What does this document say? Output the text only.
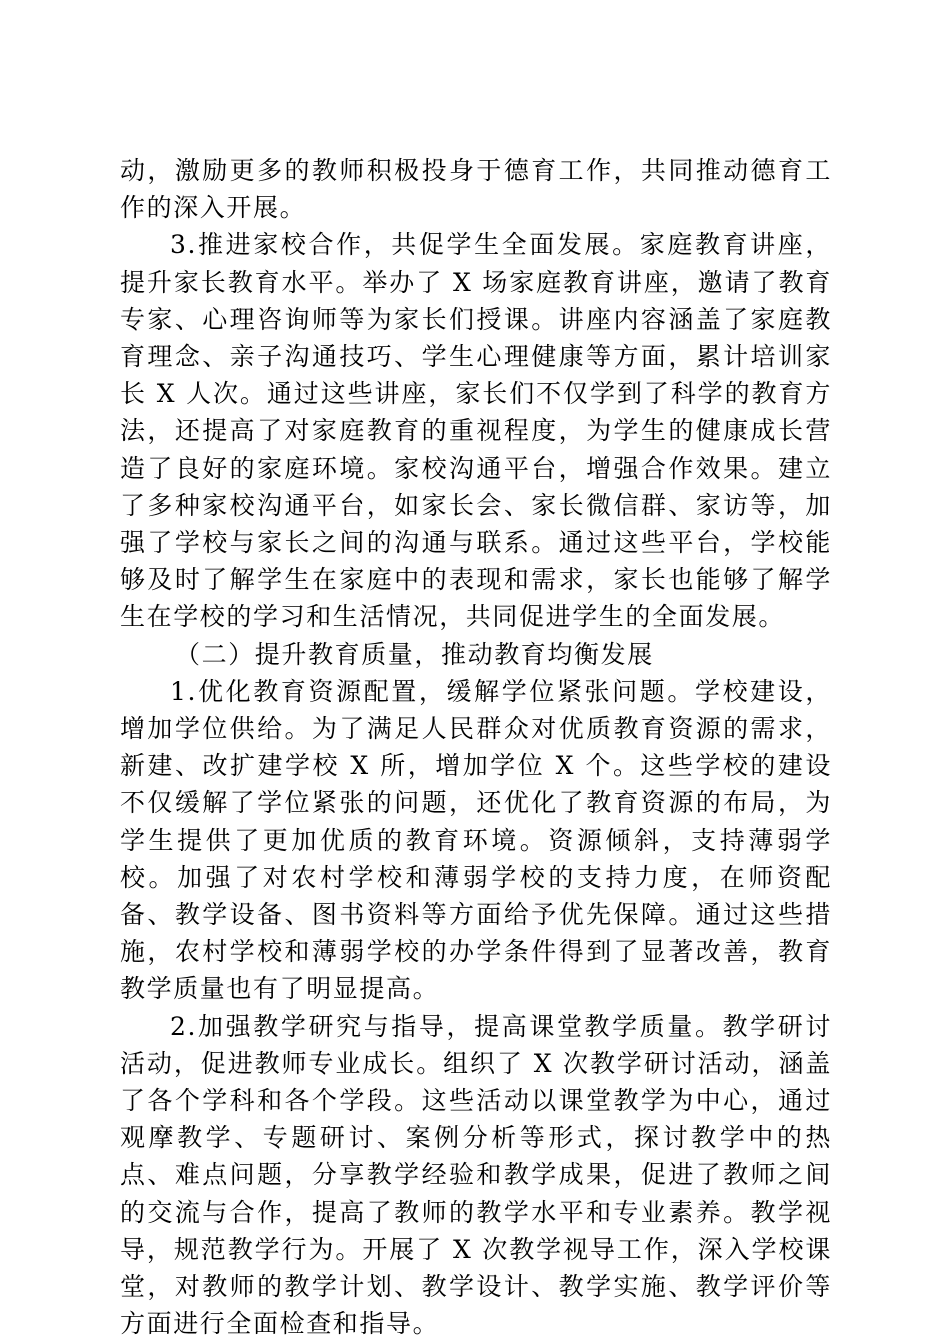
动，激励更多的教师积极投身于德育工作，共同推动德育工作的深入开展。

3.推进家校合作，共促学生全面发展。家庭教育讲座，提升家长教育水平。举办了 X 场家庭教育讲座，邀请了教育专家、心理咨询师等为家长们授课。讲座内容涵盖了家庭教育理念、亲子沟通技巧、学生心理健康等方面，累计培训家长 X 人次。通过这些讲座，家长们不仅学到了科学的教育方法，还提高了对家庭教育的重视程度，为学生的健康成长营造了良好的家庭环境。家校沟通平台，增强合作效果。建立了多种家校沟通平台，如家长会、家长微信群、家访等，加强了学校与家长之间的沟通与联系。通过这些平台，学校能够及时了解学生在家庭中的表现和需求，家长也能够了解学生在学校的学习和生活情况，共同促进学生的全面发展。

（二）提升教育质量，推动教育均衡发展

1.优化教育资源配置，缓解学位紧张问题。学校建设，增加学位供给。为了满足人民群众对优质教育资源的需求，新建、改扩建学校 X 所，增加学位 X 个。这些学校的建设不仅缓解了学位紧张的问题，还优化了教育资源的布局，为学生提供了更加优质的教育环境。资源倾斜，支持薄弱学校。加强了对农村学校和薄弱学校的支持力度，在师资配备、教学设备、图书资料等方面给予优先保障。通过这些措施，农村学校和薄弱学校的办学条件得到了显著改善，教育教学质量也有了明显提高。

2.加强教学研究与指导，提高课堂教学质量。教学研讨活动，促进教师专业成长。组织了 X 次教学研讨活动，涵盖了各个学科和各个学段。这些活动以课堂教学为中心，通过观摩教学、专题研讨、案例分析等形式，探讨教学中的热点、难点问题，分享教学经验和教学成果，促进了教师之间的交流与合作，提高了教师的教学水平和专业素养。教学视导，规范教学行为。开展了 X 次教学视导工作，深入学校课堂，对教师的教学计划、教学设计、教学实施、教学评价等方面进行全面检查和指导。
